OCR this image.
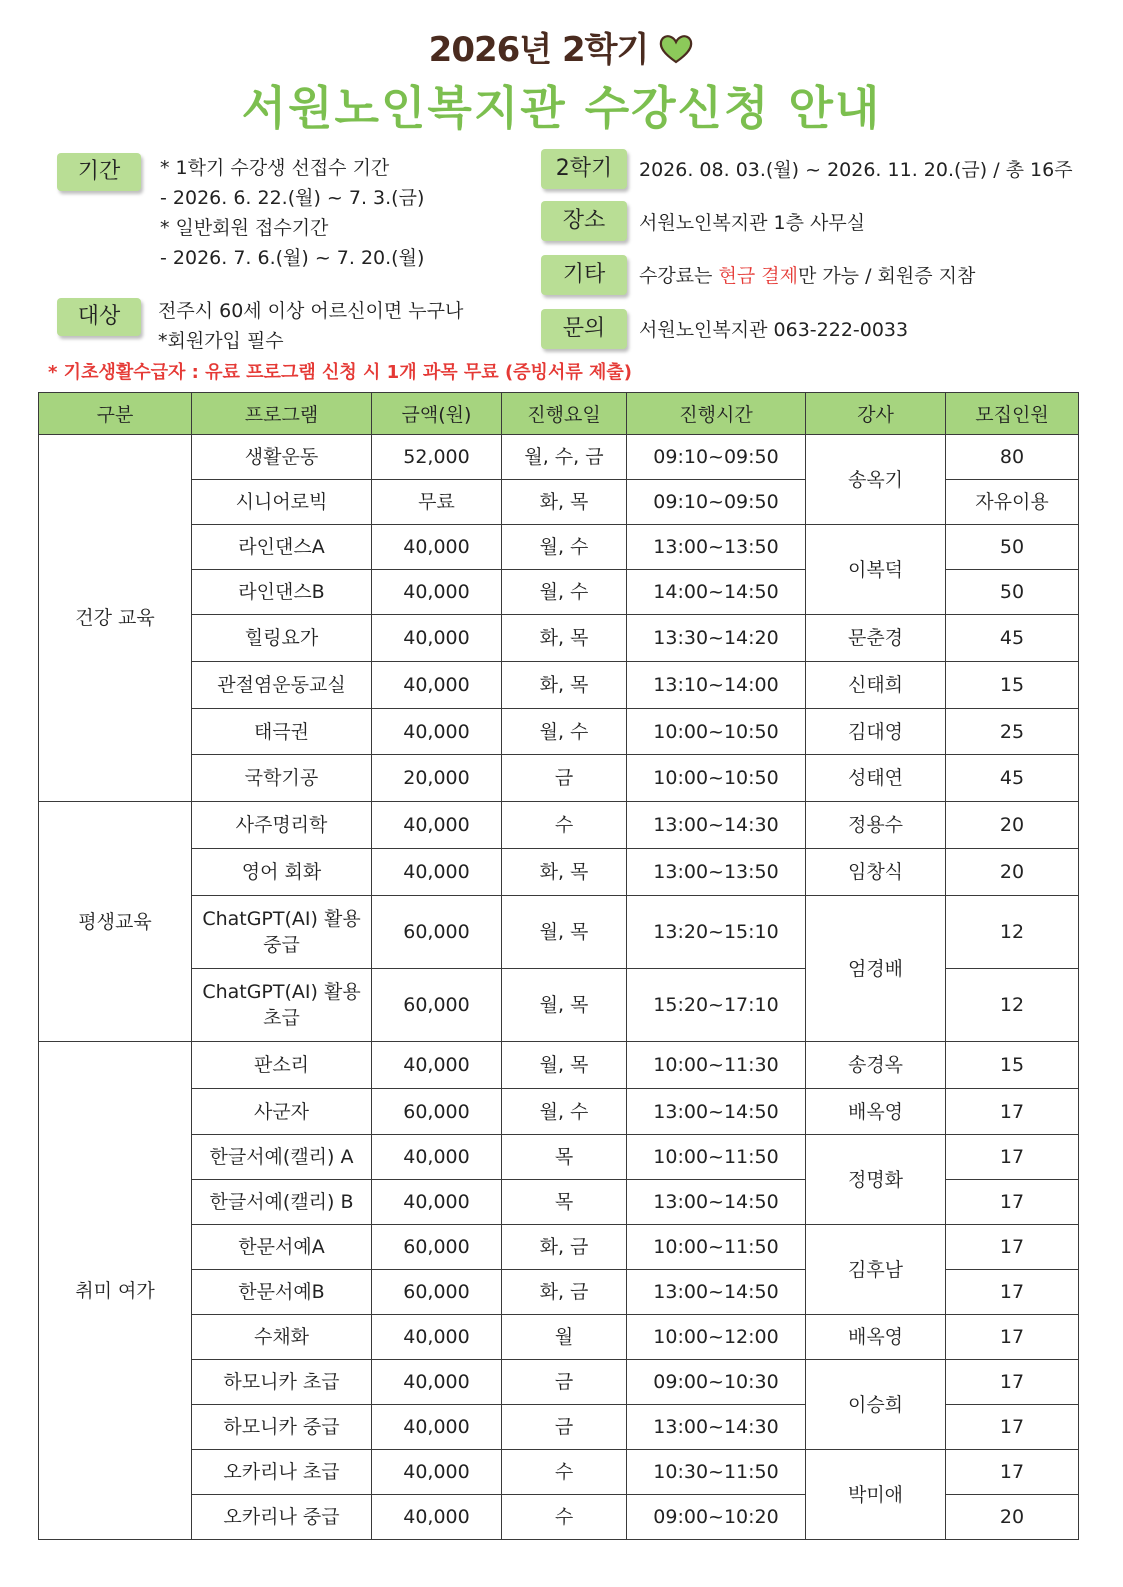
2026년 2학기
서원노인복지관 수강신청 안내
기간	* 1학기 수강생 선접수 기간
- 2026. 6. 22.(월) ~ 7. 3.(금)
* 일반회원 접수기간
- 2026. 7. 6.(월) ~ 7. 20.(월)
대상	전주시 60세 이상 어르신이면 누구나
*회원가입 필수
2학기	2026. 08. 03.(월) ~ 2026. 11. 20.(금) / 총 16주
장소	서원노인복지관 1층 사무실
기타	수강료는 현금 결제만 가능 / 회원증 지참
문의	서원노인복지관 063-222-0033
* 기초생활수급자 : 유료 프로그램 신청 시 1개 과목 무료 (증빙서류 제출)
구분	프로그램	금액(원)	진행요일	진행시간	강사	모집인원
건강 교육	생활운동	52,000	월, 수, 금	09:10~09:50	송옥기	80

	시니어로빅	무료	화, 목	09:10~09:50		자유이용

	라인댄스A	40,000	월, 수	13:00~13:50	이복덕	50

	라인댄스B	40,000	월, 수	14:00~14:50		50

	힐링요가	40,000	화, 목	13:30~14:20	문춘경	45

	관절염운동교실	40,000	화, 목	13:10~14:00	신태희	15

	태극권	40,000	월, 수	10:00~10:50	김대영	25

	국학기공	20,000	금	10:00~10:50	성태연	45
평생교육	사주명리학	40,000	수	13:00~14:30	정용수	20

	영어 회화	40,000	화, 목	13:00~13:50	임창식	20

	ChatGPT(AI) 활용
중급	60,000	월, 목	13:20~15:10	엄경배	12

	ChatGPT(AI) 활용
초급	60,000	월, 목	15:20~17:10		12
취미 여가	판소리	40,000	월, 목	10:00~11:30	송경옥	15

	사군자	60,000	월, 수	13:00~14:50	배옥영	17

	한글서예(캘리) A	40,000	목	10:00~11:50	정명화	17

	한글서예(캘리) B	40,000	목	13:00~14:50		17

	한문서예A	60,000	화, 금	10:00~11:50	김후남	17

	한문서예B	60,000	화, 금	13:00~14:50		17

	수채화	40,000	월	10:00~12:00	배옥영	17

	하모니카 초급	40,000	금	09:00~10:30	이승희	17

	하모니카 중급	40,000	금	13:00~14:30		17

	오카리나 초급	40,000	수	10:30~11:50	박미애	17

	오카리나 중급	40,000	수	09:00~10:20		20
